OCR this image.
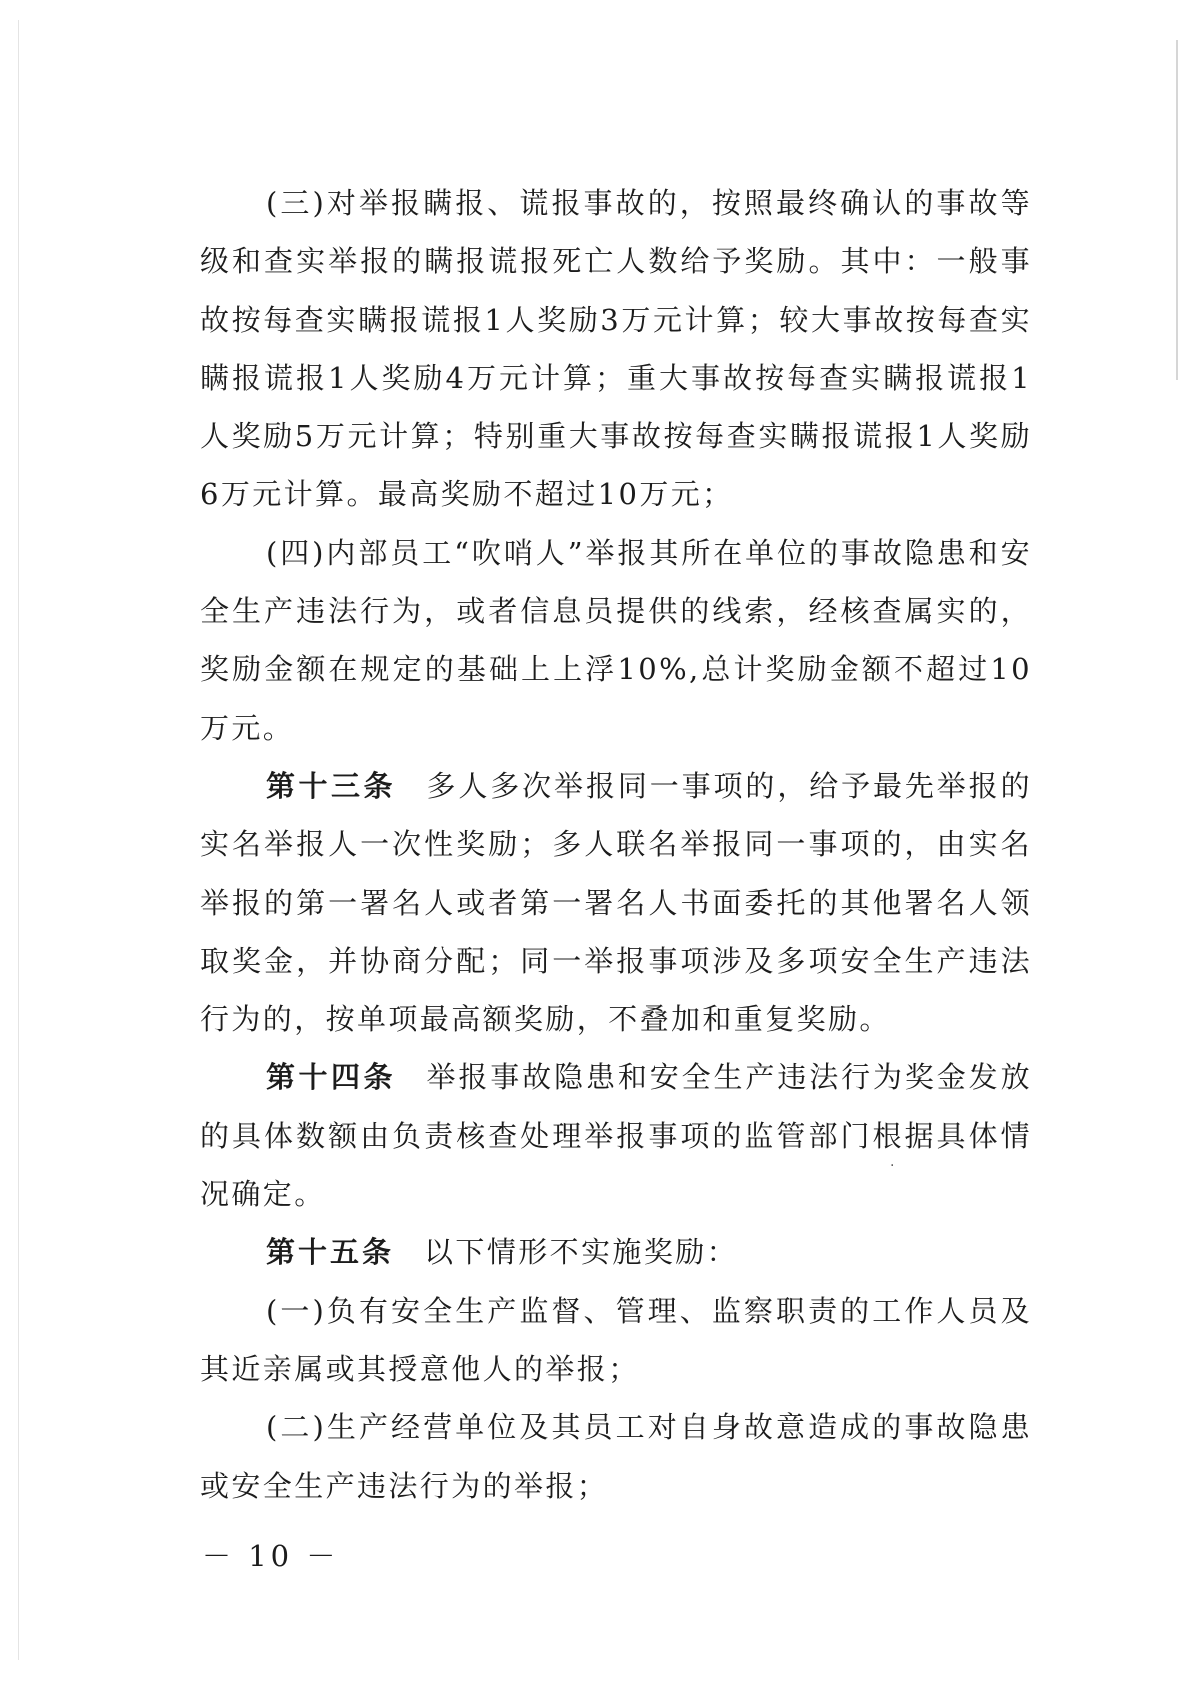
(三)对举报瞒报、谎报事故的，按照最终确认的事故等级和查实举报的瞒报谎报死亡人数给予奖励。其中：一般事故按每查实瞒报谎报1人奖励3万元计算；较大事故按每查实瞒报谎报1人奖励4万元计算；重大事故按每查实瞒报谎报1人奖励5万元计算；特别重大事故按每查实瞒报谎报1人奖励6万元计算。最高奖励不超过10万元；

(四)内部员工“吹哨人”举报其所在单位的事故隐患和安全生产违法行为，或者信息员提供的线索，经核查属实的，奖励金额在规定的基础上上浮10%,总计奖励金额不超过10万元。

第十三条 多人多次举报同一事项的，给予最先举报的实名举报人一次性奖励；多人联名举报同一事项的，由实名举报的第一署名人或者第一署名人书面委托的其他署名人领取奖金，并协商分配；同一举报事项涉及多项安全生产违法行为的，按单项最高额奖励，不叠加和重复奖励。

第十四条 举报事故隐患和安全生产违法行为奖金发放的具体数额由负责核查处理举报事项的监管部门根据具体情况确定。

第十五条 以下情形不实施奖励：

(一)负有安全生产监督、管理、监察职责的工作人员及其近亲属或其授意他人的举报；

(二)生产经营单位及其员工对自身故意造成的事故隐患或安全生产违法行为的举报；

·
－ 10 －
